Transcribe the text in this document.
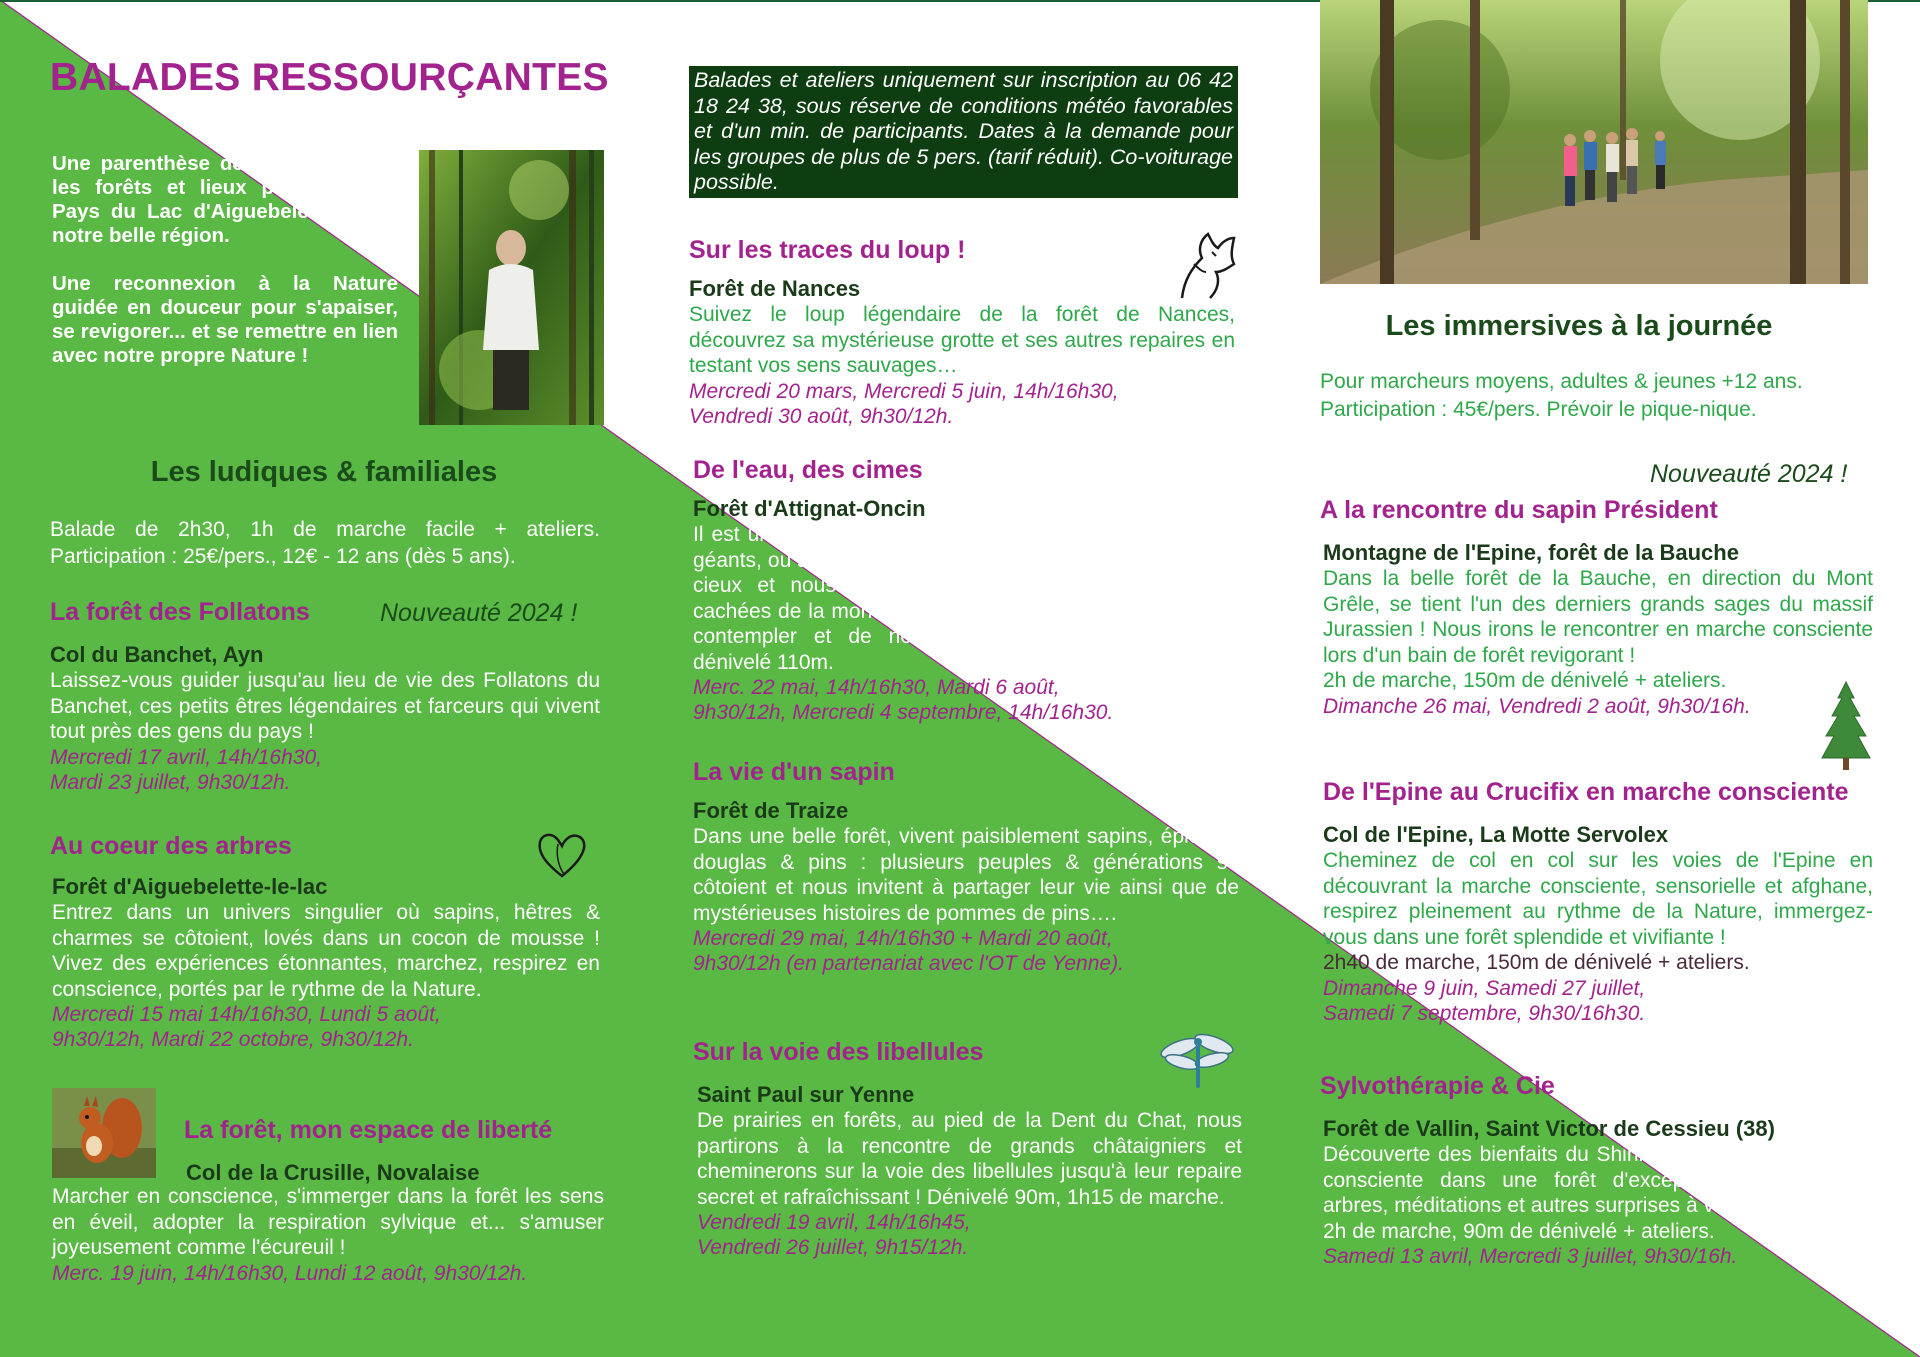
BALADES RESSOURÇANTES
Une parenthèse de bien-être dans les forêts et lieux préservés du Pays du Lac d'Aiguebelette et de notre belle région.
Une reconnexion à la Nature guidée en douceur pour s'apaiser, se revigorer... et se remettre en lien avec notre propre Nature !
Les ludiques & familiales
Balade de 2h30, 1h de marche facile + ateliers. Participation : 25€/pers., 12€ - 12 ans (dès 5 ans).
La forêt des Follatons	Nouveauté 2024 !
Col du Banchet, Ayn
Laissez-vous guider jusqu'au lieu de vie des Follatons du Banchet, ces petits êtres légendaires et farceurs qui vivent tout près des gens du pays !
Mercredi 17 avril, 14h/16h30,
Mardi 23 juillet, 9h30/12h.
Au coeur des arbres
Forêt d'Aiguebelette-le-lac
Entrez dans un univers singulier où sapins, hêtres & charmes se côtoient, lovés dans un cocon de mousse ! Vivez des expériences étonnantes, marchez, respirez en conscience, portés par le rythme de la Nature.
Mercredi 15 mai 14h/16h30, Lundi 5 août,
9h30/12h, Mardi 22 octobre, 9h30/12h.
La forêt, mon espace de liberté
Col de la Crusille, Novalaise
Marcher en conscience, s'immerger dans la forêt les sens en éveil, adopter la respiration sylvique et... s'amuser joyeusement comme l'écureuil !
Merc. 19 juin, 14h/16h30, Lundi 12 août, 9h30/12h.
Balades et ateliers uniquement sur inscription au 06 42 18 24 38, sous réserve de conditions météo favorables et d'un min. de participants. Dates à la demande pour les groupes de plus de 5 pers. (tarif réduit). Co-voiturage possible.
Sur les traces du loup !
Forêt de Nances
Suivez le loup légendaire de la forêt de Nances, découvrez sa mystérieuse grotte et ses autres repaires en testant vos sens sauvages…
Mercredi 20 mars, Mercredi 5 juin, 14h/16h30,
Vendredi 30 août, 9h30/12h.
De l'eau, des cimes
Forêt d'Attignat-Oncin
Il est un endroit, sur le flanc du Mont-Grêle, non loin des géants, où sapins et autres grands arbres s'étirent vers les cieux et nous invitent à cheminer jusqu'aux sources cachées de la montagne, en prenant le temps de respirer, contempler et de nous amuser joyeusement ! Petit dénivelé 110m.
Merc. 22 mai, 14h/16h30, Mardi 6 août,
9h30/12h, Mercredi 4 septembre, 14h/16h30.
La vie d'un sapin
Forêt de Traize
Dans une belle forêt, vivent paisiblement sapins, épicéas, douglas & pins : plusieurs peuples & générations se côtoient et nous invitent à partager leur vie ainsi que de mystérieuses histoires de pommes de pins….
Mercredi 29 mai, 14h/16h30 + Mardi 20 août,
9h30/12h (en partenariat avec l'OT de Yenne).
Sur la voie des libellules
Saint Paul sur Yenne
De prairies en forêts, au pied de la Dent du Chat, nous partirons à la rencontre de grands châtaigniers et cheminerons sur la voie des libellules jusqu'à leur repaire secret et rafraîchissant ! Dénivelé 90m, 1h15 de marche.
Vendredi 19 avril, 14h/16h45,
Vendredi 26 juillet, 9h15/12h.
Les immersives à la journée
Pour marcheurs moyens, adultes & jeunes +12 ans. Participation : 45€/pers. Prévoir le pique-nique.
Nouveauté 2024 !
A la rencontre du sapin Président
Montagne de l'Epine, forêt de la Bauche
Dans la belle forêt de la Bauche, en direction du Mont Grêle, se tient l'un des derniers grands sages du massif Jurassien ! Nous irons le rencontrer en marche consciente lors d'un bain de forêt revigorant !
2h de marche, 150m de dénivelé + ateliers.
Dimanche 26 mai, Vendredi 2 août, 9h30/16h.
De l'Epine au Crucifix en marche consciente
Col de l'Epine, La Motte Servolex
Cheminez de col en col sur les voies de l'Epine en découvrant la marche consciente, sensorielle et afghane, respirez pleinement au rythme de la Nature, immergez-vous dans une forêt splendide et vivifiante !
2h40 de marche, 150m de dénivelé + ateliers.
Dimanche 9 juin, Samedi 27 juillet,
Samedi 7 septembre, 9h30/16h30.
Sylvothérapie & Cie
Forêt de Vallin, Saint Victor de Cessieu (38)
Découverte des bienfaits du Shinrin Yoku et de la marche consciente dans une forêt d'exception. Reliance aux arbres, méditations et autres surprises à vivre !
2h de marche, 90m de dénivelé + ateliers.
Samedi 13 avril, Mercredi 3 juillet, 9h30/16h.
